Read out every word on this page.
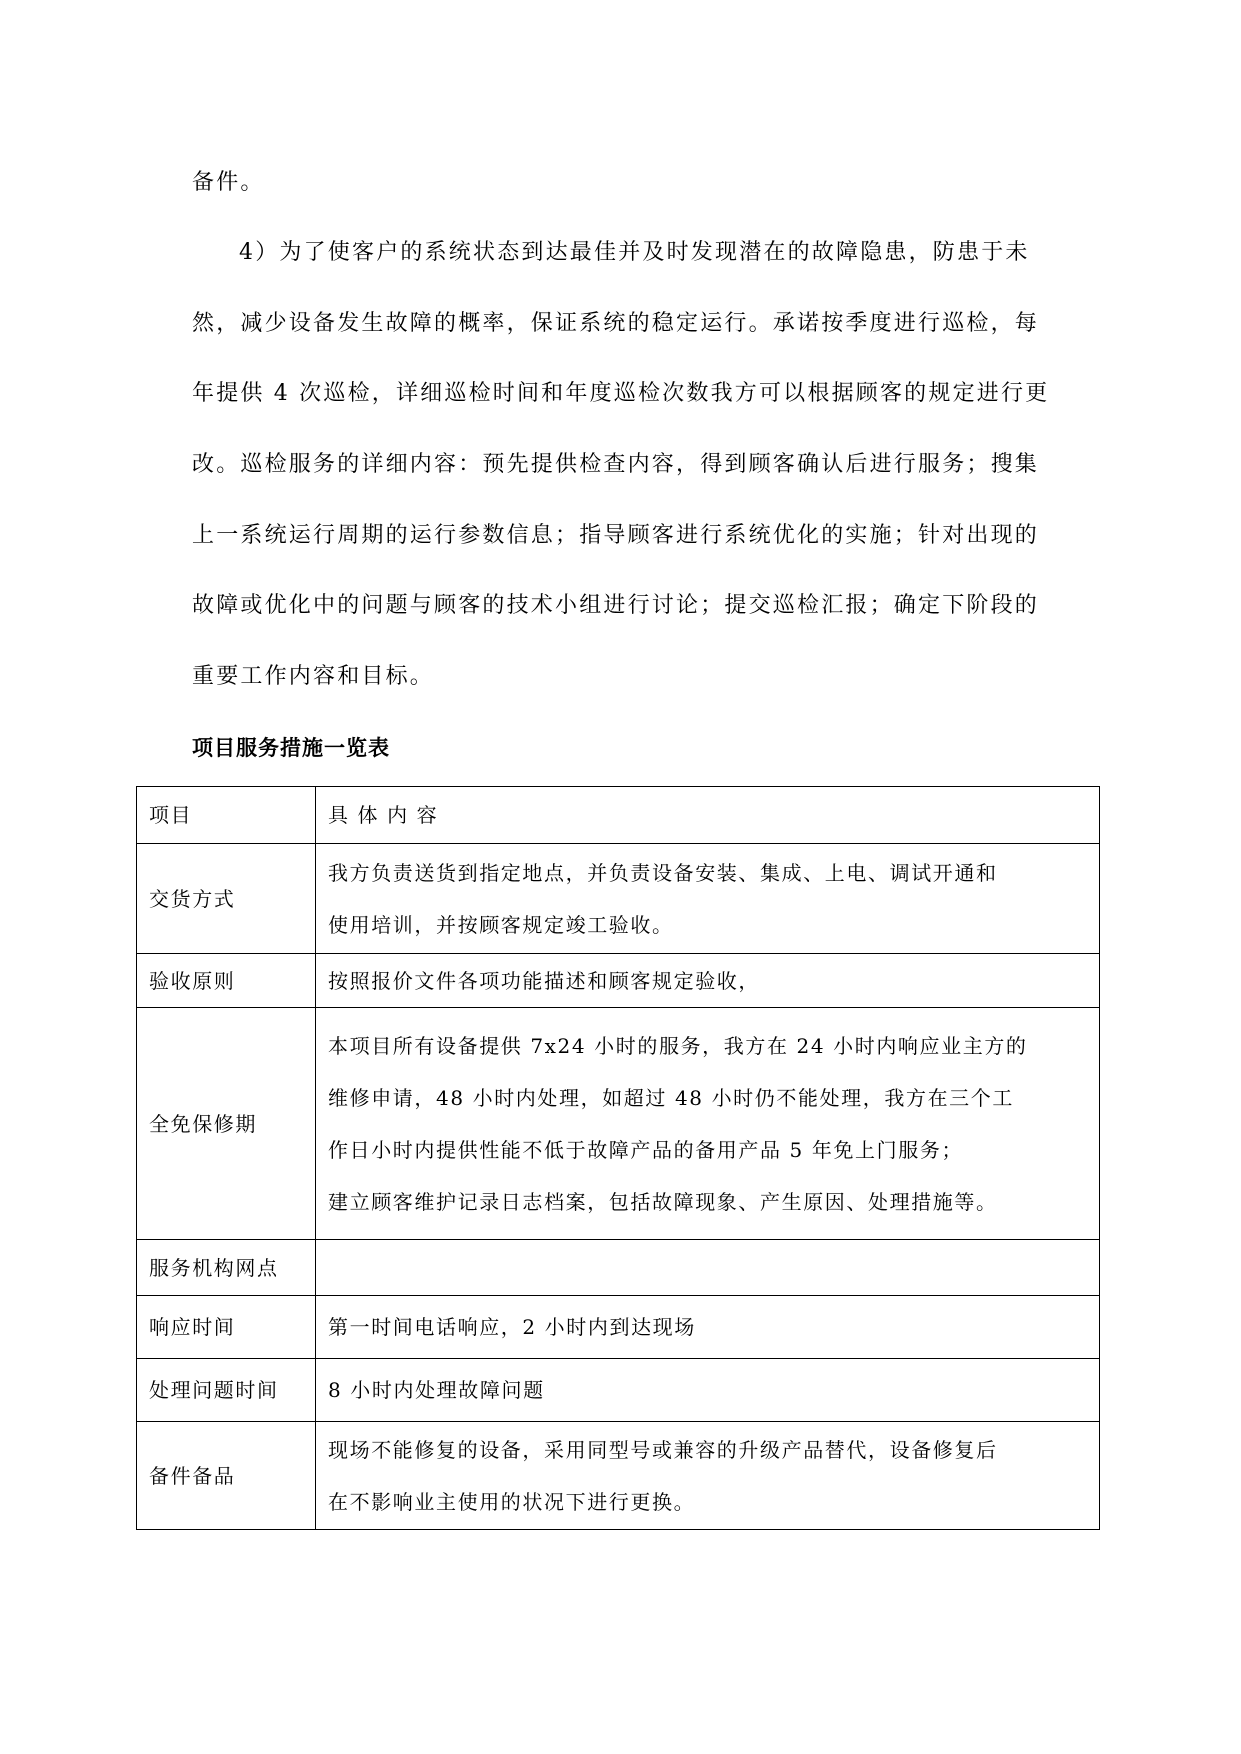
备件。
4）为了使客户的系统状态到达最佳并及时发现潜在的故障隐患，防患于未
然，减少设备发生故障的概率，保证系统的稳定运行。承诺按季度进行巡检，每
年提供 4 次巡检，详细巡检时间和年度巡检次数我方可以根据顾客的规定进行更
改。巡检服务的详细内容：预先提供检查内容，得到顾客确认后进行服务；搜集
上一系统运行周期的运行参数信息；指导顾客进行系统优化的实施；针对出现的
故障或优化中的问题与顾客的技术小组进行讨论；提交巡检汇报；确定下阶段的
重要工作内容和目标。
项目服务措施一览表
项目	具 体 内 容

交货方式	我方负责送货到指定地点，并负责设备安装、集成、上电、调试开通和
使用培训，并按顾客规定竣工验收。

验收原则	按照报价文件各项功能描述和顾客规定验收，

全免保修期	本项目所有设备提供 7x24 小时的服务，我方在 24 小时内响应业主方的
维修申请，48 小时内处理，如超过 48 小时仍不能处理，我方在三个工
作日小时内提供性能不低于故障产品的备用产品 5 年免上门服务；
建立顾客维护记录日志档案，包括故障现象、产生原因、处理措施等。

服务机构网点	

响应时间	第一时间电话响应，2 小时内到达现场

处理问题时间	8 小时内处理故障问题

备件备品	现场不能修复的设备，采用同型号或兼容的升级产品替代，设备修复后
在不影响业主使用的状况下进行更换。
